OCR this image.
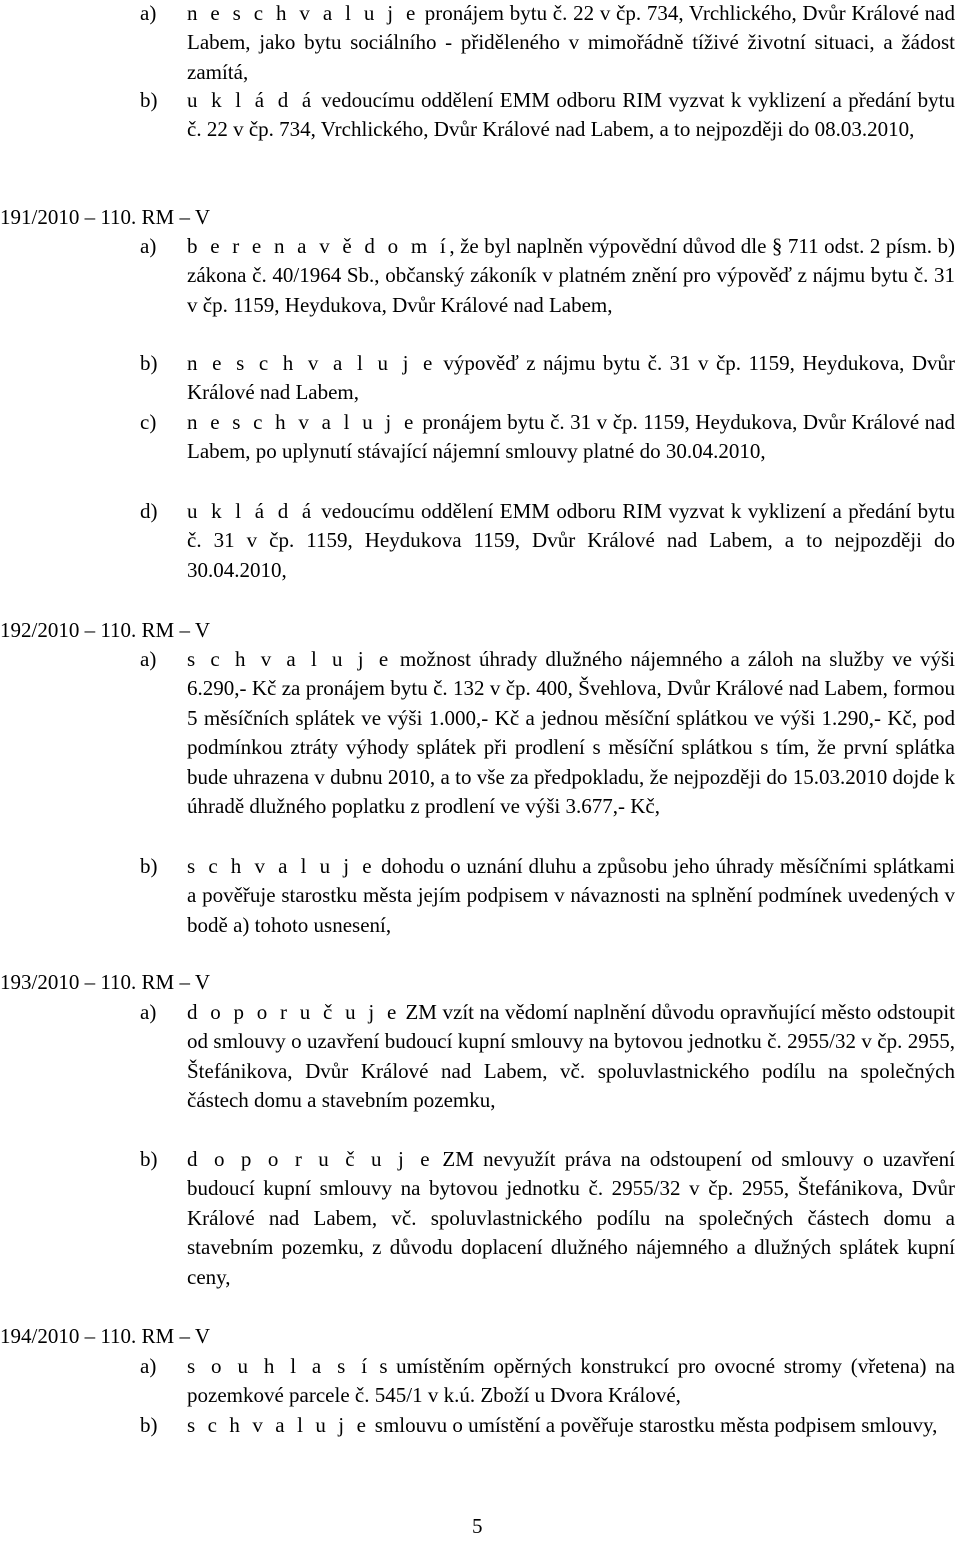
a) n e s c h v a l u j e pronájem bytu č. 22 v čp. 734, Vrchlického, Dvůr Králové nad Labem, jako bytu sociálního - přiděleného v mimořádně tíživé životní situaci, a žádost zamítá,
b) u k l á d á vedoucímu oddělení EMM odboru RIM vyzvat k vyklizení a předání bytu č. 22 v čp. 734, Vrchlického, Dvůr Králové nad Labem, a to nejpozději do 08.03.2010,
191/2010 – 110. RM – V
a) b e r e n a v ě d o m í, že byl naplněn výpovědní důvod dle § 711 odst. 2 písm. b) zákona č. 40/1964 Sb., občanský zákoník v platném znění pro výpověď z nájmu bytu č. 31 v čp. 1159, Heydukova, Dvůr Králové nad Labem,
b) n e s c h v a l u j e výpověď z nájmu bytu č. 31 v čp. 1159, Heydukova, Dvůr Králové nad Labem,
c) n e s c h v a l u j e pronájem bytu č. 31 v čp. 1159, Heydukova, Dvůr Králové nad Labem, po uplynutí stávající nájemní smlouvy platné do 30.04.2010,
d) u k l á d á vedoucímu oddělení EMM odboru RIM vyzvat k vyklizení a předání bytu č. 31 v čp. 1159, Heydukova 1159, Dvůr Králové nad Labem, a to nejpozději do 30.04.2010,
192/2010 – 110. RM – V
a) s c h v a l u j e možnost úhrady dlužného nájemného a záloh na služby ve výši 6.290,- Kč za pronájem bytu č. 132 v čp. 400, Švehlova, Dvůr Králové nad Labem, formou 5 měsíčních splátek ve výši 1.000,- Kč a jednou měsíční splátkou ve výši 1.290,- Kč, pod podmínkou ztráty výhody splátek při prodlení s měsíční splátkou s tím, že první splátka bude uhrazena v dubnu 2010, a to vše za předpokladu, že nejpozději do 15.03.2010 dojde k úhradě dlužného poplatku z prodlení ve výši 3.677,- Kč,
b) s c h v a l u j e dohodu o uznání dluhu a způsobu jeho úhrady měsíčními splátkami a pověřuje starostku města jejím podpisem v návaznosti na splnění podmínek uvedených v bodě a) tohoto usnesení,
193/2010 – 110. RM – V
a) d o p o r u č u j e ZM vzít na vědomí naplnění důvodu opravňující město odstoupit od smlouvy o uzavření budoucí kupní smlouvy na bytovou jednotku č. 2955/32 v čp. 2955, Štefánikova, Dvůr Králové nad Labem, vč. spoluvlastnického podílu na společných částech domu a stavebním pozemku,
b) d o p o r u č u j e ZM nevyužít práva na odstoupení od smlouvy o uzavření budoucí kupní smlouvy na bytovou jednotku č. 2955/32 v čp. 2955, Štefánikova, Dvůr Králové nad Labem, vč. spoluvlastnického podílu na společných částech domu a stavebním pozemku, z důvodu doplacení dlužného nájemného a dlužných splátek kupní ceny,
194/2010 – 110. RM – V
a) s o u h l a s í s umístěním opěrných konstrukcí pro ovocné stromy (vřetena) na pozemkové parcele č. 545/1 v k.ú. Zboží u Dvora Králové,
b) s c h v a l u j e smlouvu o umístění a pověřuje starostku města podpisem smlouvy,
5
